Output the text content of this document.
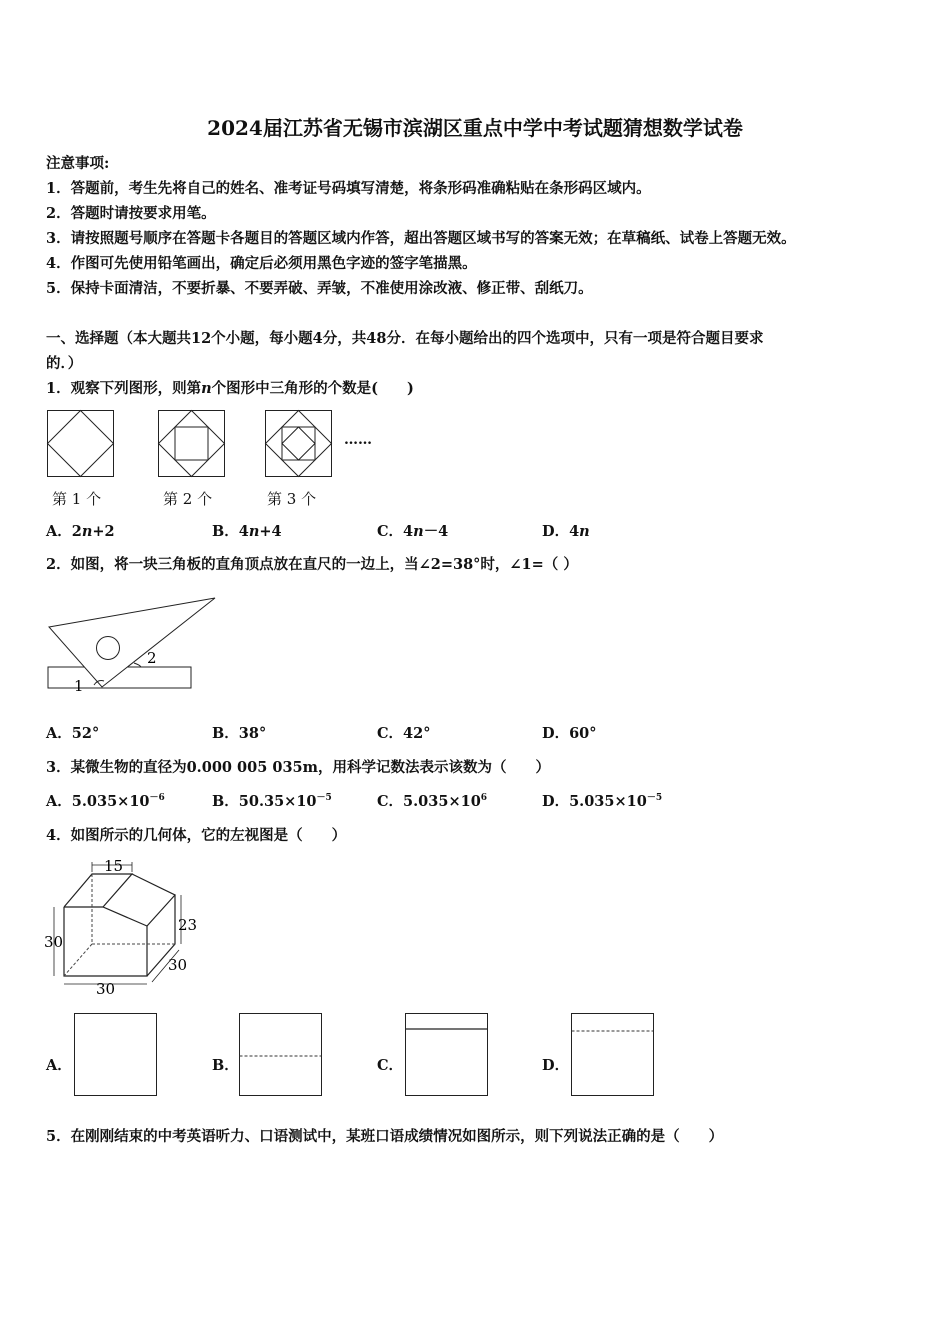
2024届江苏省无锡市滨湖区重点中学中考试题猜想数学试卷
注意事项:
1．答题前，考生先将自己的姓名、准考证号码填写清楚，将条形码准确粘贴在条形码区域内。
2．答题时请按要求用笔。
3．请按照题号顺序在答题卡各题目的答题区域内作答，超出答题区域书写的答案无效；在草稿纸、试卷上答题无效。
4．作图可先使用铅笔画出，确定后必须用黑色字迹的签字笔描黑。
5．保持卡面清洁，不要折暴、不要弄破、弄皱，不准使用涂改液、修正带、刮纸刀。
一、选择题（本大题共12个小题，每小题4分，共48分．在每小题给出的四个选项中，只有一项是符合题目要求
的．）
1．观察下列图形，则第n个图形中三角形的个数是(　　)
……
第 1 个	第 2 个	第 3 个
A．2n+2	B．4n+4	C．4n－4	D．4n
2．如图，将一块三角板的直角顶点放在直尺的一边上，当∠2=38°时，∠1=（ ）
1
2
A．52°	B．38°	C．42°	D．60°
3．某微生物的直径为0.000 005 035m，用科学记数法表示该数为（　　）
A．$5.035\times 10^{-6}$	B．$50.35\times 10^{-5}$	C．$5.035\times 10^6$	D．$5.035\times 10^{-5}$
4．如图所示的几何体，它的左视图是（　　）
15
23
30
30
30
A．	B．	C．	D．
5．在刚刚结束的中考英语听力、口语测试中，某班口语成绩情况如图所示，则下列说法正确的是（　　）
